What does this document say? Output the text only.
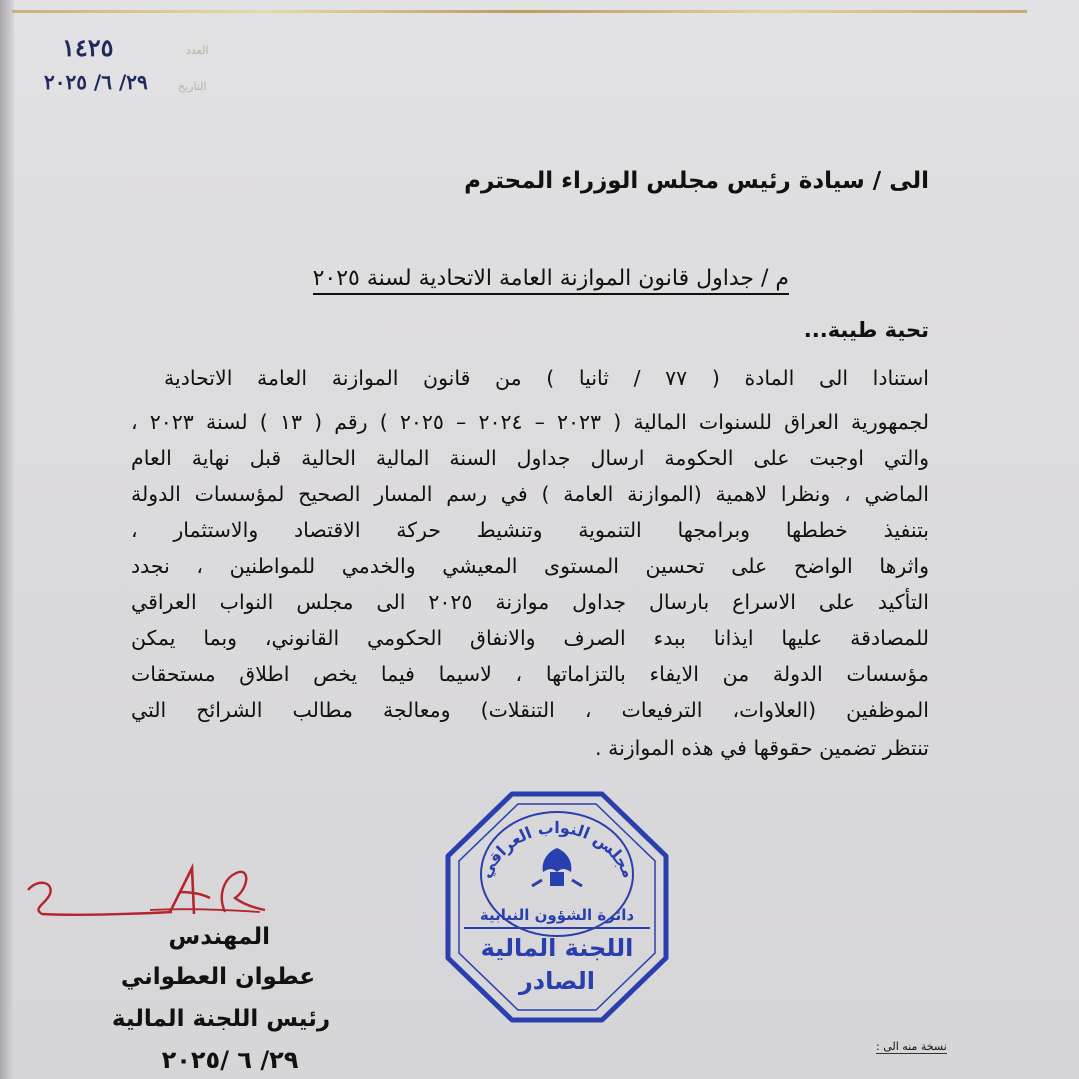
العدد
١٤٢٥
التاريخ
٢٩/ ٦/ ٢٠٢٥
الى / سيادة رئيس مجلس الوزراء المحترم
م / جداول قانون الموازنة العامة الاتحادية لسنة ٢٠٢٥
تحية طيبة...
استنادا الى المادة ( ٧٧ / ثانيا ) من قانون الموازنة العامة الاتحادية
لجمهورية العراق للسنوات المالية ( ٢٠٢٣ – ٢٠٢٤ – ٢٠٢٥ ) رقم ( ١٣ ) لسنة ٢٠٢٣ ،
والتي اوجبت على الحكومة ارسال جداول السنة المالية الحالية قبل نهاية العام
الماضي ، ونظرا لاهمية (الموازنة العامة ) في رسم المسار الصحيح لمؤسسات الدولة
بتنفيذ خططها وبرامجها التنموية وتنشيط حركة الاقتصاد والاستثمار ،
واثرها الواضح على تحسين المستوى المعيشي والخدمي للمواطنين ، نجدد
التأكيد على الاسراع بارسال جداول موازنة ٢٠٢٥ الى مجلس النواب العراقي
للمصادقة عليها ايذانا ببدء الصرف والانفاق الحكومي القانوني، وبما يمكن
مؤسسات الدولة من الايفاء بالتزاماتها ، لاسيما فيما يخص اطلاق مستحقات
الموظفين (العلاوات، الترفيعات ، التنقلات) ومعالجة مطالب الشرائح التي
تنتظر تضمين حقوقها في هذه الموازنة .
مجلس النواب العراقي
دائرة الشؤون النيابية
اللجنة المالية
الصادر
المهندس
عطوان العطواني
رئيس اللجنة المالية
٢٩/ ٦ /٢٠٢٥	نسخة منه الى :
